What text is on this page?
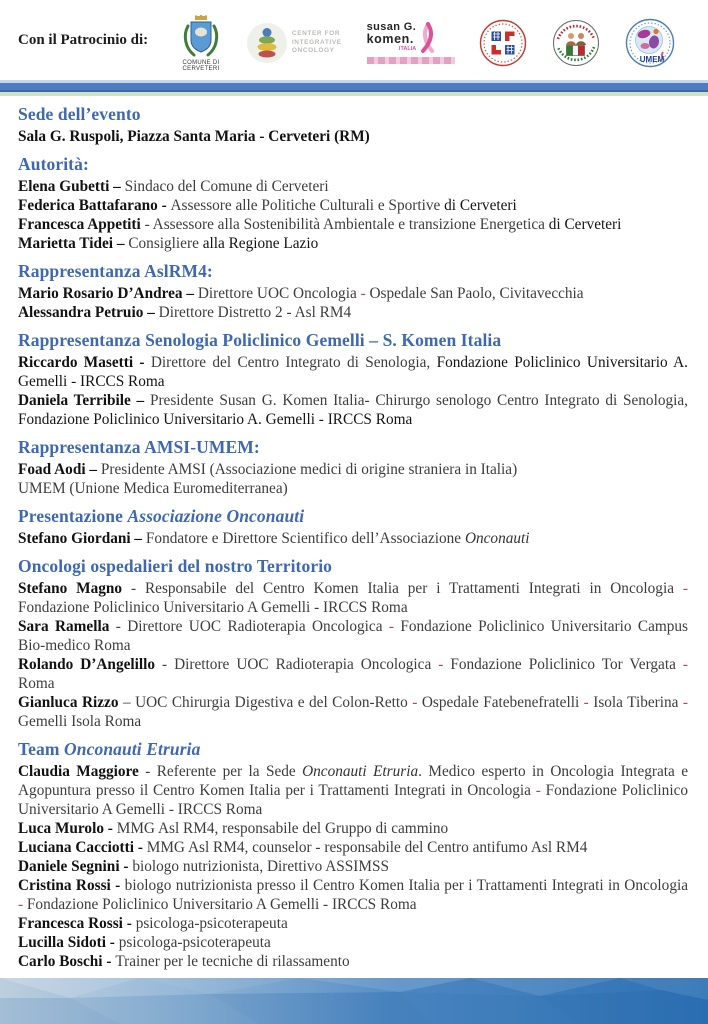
Con il Patrocinio di:
COMUNE DI
CERVETERI
CENTER FOR
INTEGRATIVE
ONCOLOGY
susan G.
komen.
ITALIA
UMEM
Sede dell’evento

Sala G. Ruspoli, Piazza Santa Maria - Cerveteri (RM)

Autorità:

Elena Gubetti – Sindaco del Comune di Cerveteri

Federica Battafarano - Assessore alle Politiche Culturali e Sportive di Cerveteri

Francesca Appetiti - Assessore alla Sostenibilità Ambientale e transizione Energetica di Cerveteri

Marietta Tidei – Consigliere alla Regione Lazio

Rappresentanza AslRM4:

Mario Rosario D’Andrea – Direttore UOC Oncologia - Ospedale San Paolo, Civitavecchia

Alessandra Petruio – Direttore Distretto 2 - Asl RM4

Rappresentanza Senologia Policlinico Gemelli – S. Komen Italia

Riccardo Masetti - Direttore del Centro Integrato di Senologia, Fondazione Policlinico Universitario A. Gemelli - IRCCS Roma

Daniela Terribile – Presidente Susan G. Komen Italia- Chirurgo senologo Centro Integrato di Senologia, Fondazione Policlinico Universitario A. Gemelli - IRCCS Roma

Rappresentanza AMSI-UMEM:

Foad Aodi – Presidente AMSI (Associazione medici di origine straniera in Italia)

UMEM (Unione Medica Euromediterranea)

Presentazione Associazione Onconauti

Stefano Giordani – Fondatore e Direttore Scientifico dell’Associazione Onconauti

Oncologi ospedalieri del nostro Territorio

Stefano Magno - Responsabile del Centro Komen Italia per i Trattamenti Integrati in Oncologia - Fondazione Policlinico Universitario A Gemelli - IRCCS Roma

Sara Ramella - Direttore UOC Radioterapia Oncologica - Fondazione Policlinico Universitario Campus Bio-medico Roma

Rolando D’Angelillo - Direttore UOC Radioterapia Oncologica - Fondazione Policlinico Tor Vergata - Roma

Gianluca Rizzo – UOC Chirurgia Digestiva e del Colon-Retto - Ospedale Fatebenefratelli - Isola Tiberina - Gemelli Isola Roma

Team Onconauti Etruria

Claudia Maggiore - Referente per la Sede Onconauti Etruria. Medico esperto in Oncologia Integrata e Agopuntura presso il Centro Komen Italia per i Trattamenti Integrati in Oncologia - Fondazione Policlinico Universitario A Gemelli - IRCCS Roma

Luca Murolo - MMG Asl RM4, responsabile del Gruppo di cammino

Luciana Cacciotti - MMG Asl RM4, counselor - responsabile del Centro antifumo Asl RM4

Daniele Segnini - biologo nutrizionista, Direttivo ASSIMSS

Cristina Rossi - biologo nutrizionista presso il Centro Komen Italia per i Trattamenti Integrati in Oncologia - Fondazione Policlinico Universitario A Gemelli - IRCCS Roma

Francesca Rossi - psicologa-psicoterapeuta

Lucilla Sidoti - psicologa-psicoterapeuta

Carlo Boschi - Trainer per le tecniche di rilassamento
